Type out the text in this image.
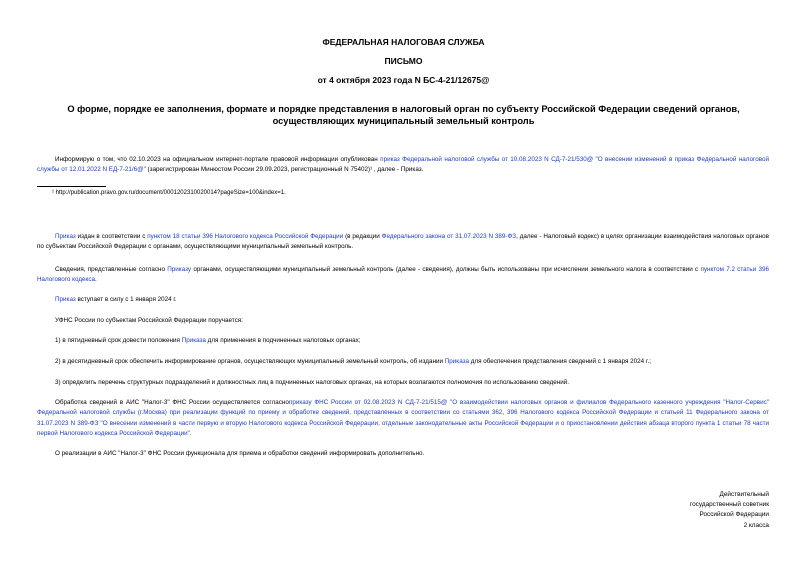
ФЕДЕРАЛЬНАЯ НАЛОГОВАЯ СЛУЖБА
ПИСЬМО
от 4 октября 2023 года N БС-4-21/12675@
О форме, порядке ее заполнения, формате и порядке представления в налоговый орган по субъекту Российской Федерации сведений органов, осуществляющих муниципальный земельный контроль
Информирую о том, что 02.10.2023 на официальном интернет-портале правовой информации опубликован приказ Федеральной налоговой службы от 10.08.2023 N СД-7-21/530@ "О внесении изменений в приказ Федеральной налоговой службы от 12.01.2022 N ЕД-7-21/6@" (зарегистрирован Минюстом России 29.09.2023, регистрационный N 75402)¹ , далее - Приказ.
¹ http://publication.pravo.gov.ru/document/0001202310020014?pageSize=100&index=1.
Приказ издан в соответствии с пунктом 18 статьи 396 Налогового кодекса Российской Федерации (в редакции Федерального закона от 31.07.2023 N 389-ФЗ, далее - Налоговый кодекс) в целях организации взаимодействия налоговых органов по субъектам Российской Федерации с органами, осуществляющими муниципальный земельный контроль.
Сведения, представленные согласно Приказу органами, осуществляющими муниципальный земельный контроль (далее - сведения), должны быть использованы при исчислении земельного налога в соответствии с пунктом 7.2 статьи 396 Налогового кодекса.
Приказ вступает в силу с 1 января 2024 г.
УФНС России по субъектам Российской Федерации поручается:
1) в пятидневный срок довести положения Приказа для применения в подчиненных налоговых органах;
2) в десятидневный срок обеспечить информирование органов, осуществляющих муниципальный земельный контроль, об издании Приказа для обеспечения представления сведений с 1 января 2024 г.;
3) определить перечень структурных подразделений и должностных лиц в подчиненных налоговых органах, на которых возлагаются полномочия по использованию сведений.
Обработка сведений в АИС "Налог-3" ФНС России осуществляется согласноприказу ФНС России от 02.08.2023 N СД-7-21/515@ "О взаимодействии налоговых органов и филиалов Федерального казенного учреждения "Налог-Сервис" Федеральной налоговой службы (г.Москва) при реализации функций по приему и обработке сведений, представленных в соответствии со статьями 362, 396 Налогового кодекса Российской Федерации и статьей 11 Федерального закона от 31.07.2023 N 389-ФЗ "О внесении изменений в части первую и вторую Налогового кодекса Российской Федерации, отдельные законодательные акты Российской Федерации и о приостановлении действия абзаца второго пункта 1 статьи 78 части первой Налогового кодекса Российской Федерации".
О реализации в АИС "Налог-3" ФНС России функционала для приема и обработки сведений информировать дополнительно.
Действительный
государственный советник
Российской Федерации
2 класса
